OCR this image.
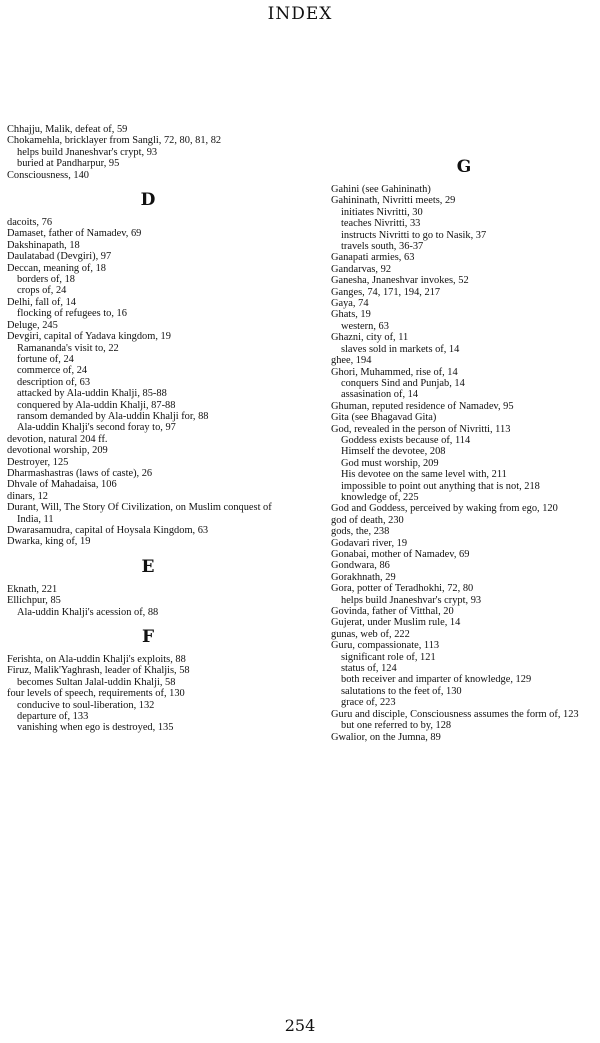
INDEX
Chhajju, Malik, defeat of, 59
Chokamehla, bricklayer from Sangli, 72, 80, 81, 82
helps build Jnaneshvar's crypt, 93
buried at Pandharpur, 95
Consciousness, 140
D
dacoits, 76
Damaset, father of Namadev, 69
Dakshinapath, 18
Daulatabad (Devgiri), 97
Deccan, meaning of, 18
borders of, 18
crops of, 24
Delhi, fall of, 14
flocking of refugees to, 16
Deluge, 245
Devgiri, capital of Yadava kingdom, 19
Ramananda's visit to, 22
fortune of, 24
commerce of, 24
description of, 63
attacked by Ala-uddin Khalji, 85-88
conquered by Ala-uddin Khalji, 87-88
ransom demanded by Ala-uddin Khalji for, 88
Ala-uddin Khalji's second foray to, 97
devotion, natural 204 ff.
devotional worship, 209
Destroyer, 125
Dharmashastras (laws of caste), 26
Dhvale of Mahadaisa, 106
dinars, 12
Durant, Will, The Story Of Civilization, on Muslim conquest of India, 11
Dwarasamudra, capital of Hoysala Kingdom, 63
Dwarka, king of, 19
E
Eknath, 221
Ellichpur, 85
Ala-uddin Khalji's acession of, 88
F
Ferishta, on Ala-uddin Khalji's exploits, 88
Firuz, Malik'Yaghrash, leader of Khaljis, 58
becomes Sultan Jalal-uddin Khalji, 58
four levels of speech, requirements of, 130
conducive to soul-liberation, 132
departure of, 133
vanishing when ego is destroyed, 135
G
Gahini (see Gahininath)
Gahininath, Nivritti meets, 29
initiates Nivritti, 30
teaches Nivritti, 33
instructs Nivritti to go to Nasik, 37
travels south, 36-37
Ganapati armies, 63
Gandarvas, 92
Ganesha, Jnaneshvar invokes, 52
Ganges, 74, 171, 194, 217
Gaya, 74
Ghats, 19
western, 63
Ghazni, city of, 11
slaves sold in markets of, 14
ghee, 194
Ghori, Muhammed, rise of, 14
conquers Sind and Punjab, 14
assasination of, 14
Ghuman, reputed residence of Namadev, 95
Gita (see Bhagavad Gita)
God, revealed in the person of Nivritti, 113
Goddess exists because of, 114
Himself the devotee, 208
God must worship, 209
His devotee on the same level with, 211
impossible to point out anything that is not, 218
knowledge of, 225
God and Goddess, perceived by waking from ego, 120
god of death, 230
gods, the, 238
Godavari river, 19
Gonabai, mother of Namadev, 69
Gondwara, 86
Gorakhnath, 29
Gora, potter of Teradhokhi, 72, 80
helps build Jnaneshvar's crypt, 93
Govinda, father of Vitthal, 20
Gujerat, under Muslim rule, 14
gunas, web of, 222
Guru, compassionate, 113
significant role of, 121
status of, 124
both receiver and imparter of knowledge, 129
salutations to the feet of, 130
grace of, 223
Guru and disciple, Consciousness assumes the form of, 123
but one referred to by, 128
Gwalior, on the Jumna, 89
254
